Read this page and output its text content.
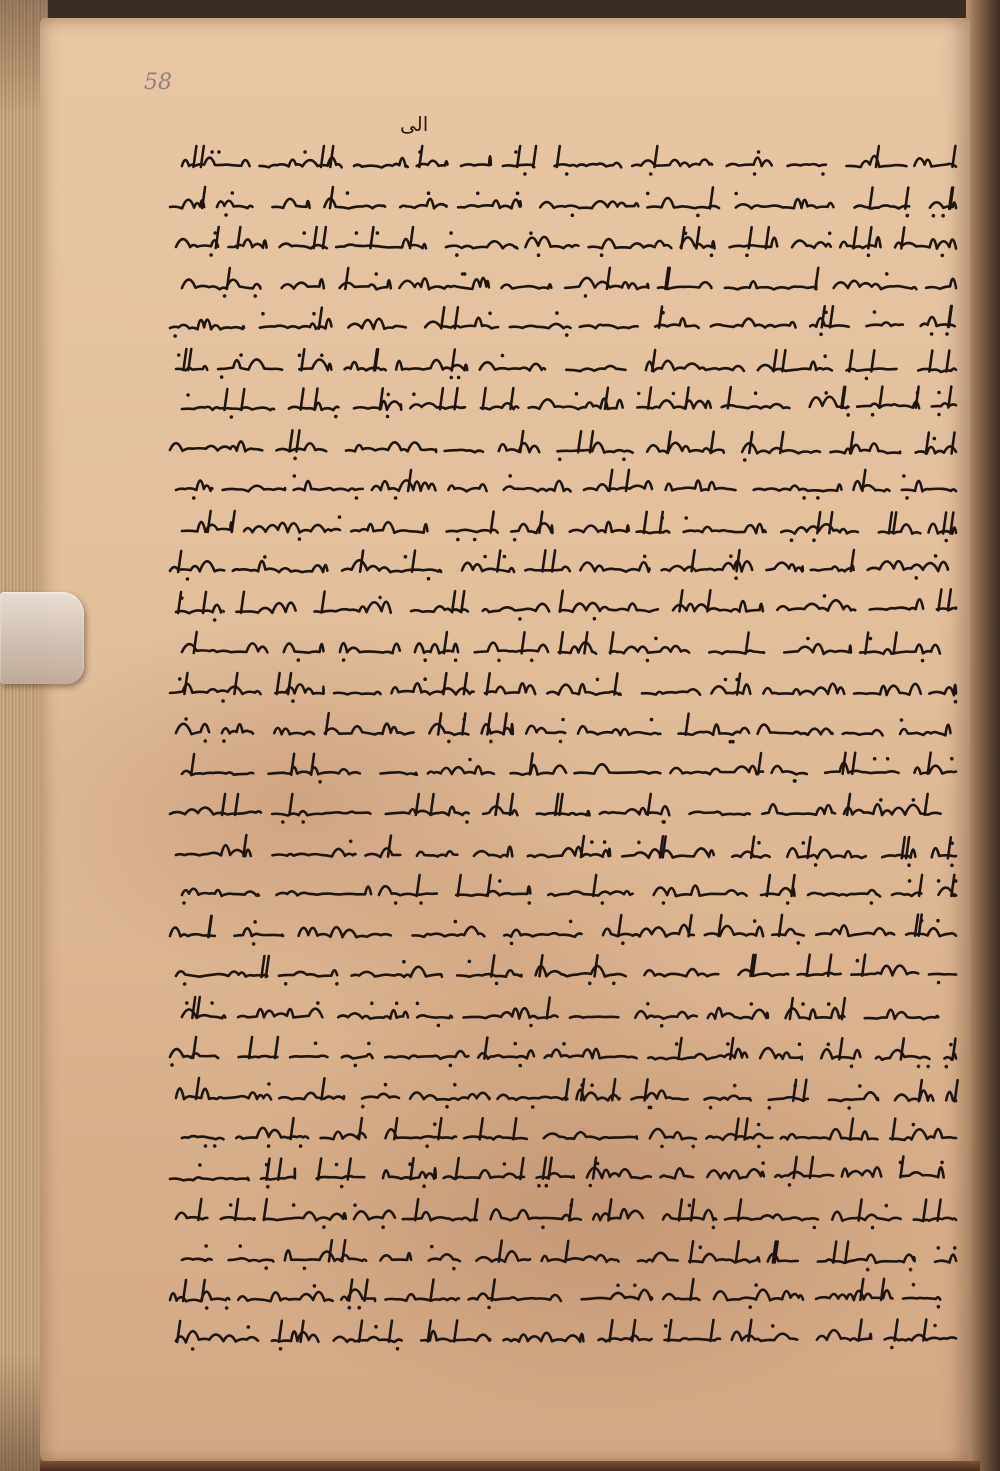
58
الى
